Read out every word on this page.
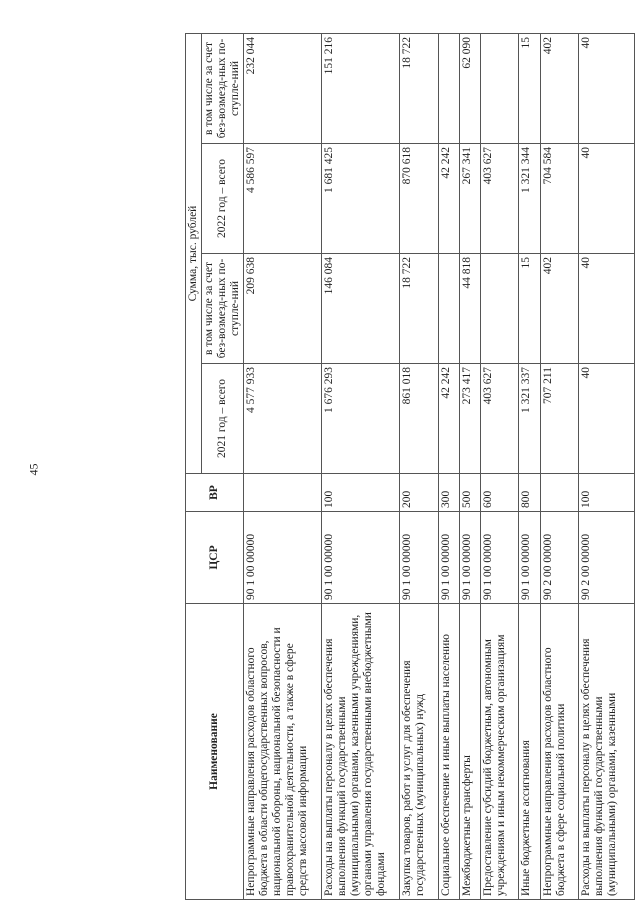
45
Наименование	ЦСР	ВР	Сумма, тыс. рублей			
			2021 год – всего	в том числе за счет без-возмезд-ных по-ступле-ний	2022 год – всего	в том числе за счет без-возмезд-ных по-ступле-ний
Непрограммные направления расходов областного бюджета в области общегосударственных вопросов, национальной обороны, национальной безопасности и правоохранительной деятельности, а также в сфере средств массовой информации	90 1 00 00000		4 577 933	209 638	4 586 597	232 044
Расходы на выплаты персоналу в целях обеспечения выполнения функций государственными (муниципальными) органами, казенными учреждениями, органами управления государственными внебюджетными фондами	90 1 00 00000	100	1 676 293	146 084	1 681 425	151 216
Закупка товаров, работ и услуг для обеспечения государственных (муниципальных) нужд	90 1 00 00000	200	861 018	18 722	870 618	18 722
Социальное обеспечение и иные выплаты населению	90 1 00 00000	300	42 242		42 242	
Межбюджетные трансферты	90 1 00 00000	500	273 417	44 818	267 341	62 090
Предоставление субсидий бюджетным, автономным учреждениям и иным некоммерческим организациям	90 1 00 00000	600	403 627		403 627	
Иные бюджетные ассигнования	90 1 00 00000	800	1 321 337	15	1 321 344	15
Непрограммные направления расходов областного бюджета в сфере социальной политики	90 2 00 00000		707 211	402	704 584	402
Расходы на выплаты персоналу в целях обеспечения выполнения функций государственными (муниципальными) органами, казенными	90 2 00 00000	100	40	40	40	40
